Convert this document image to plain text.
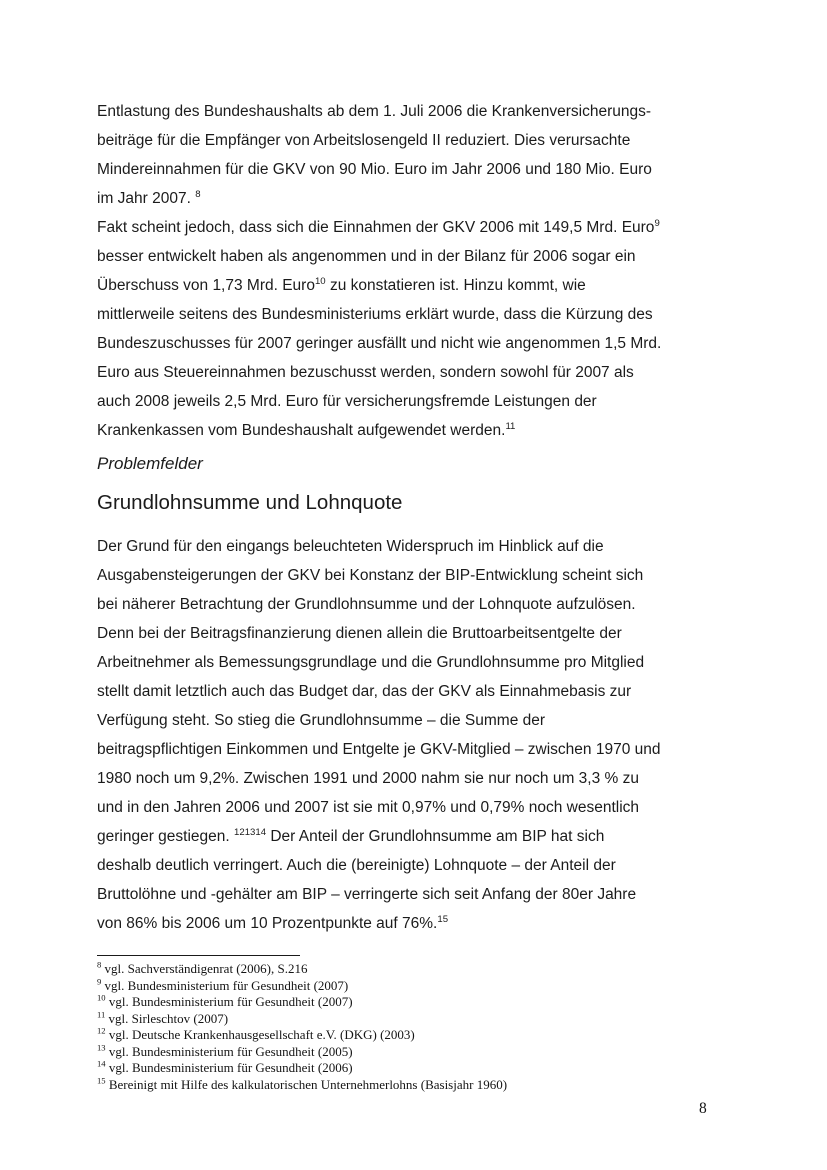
Entlastung des Bundeshaushalts ab dem 1. Juli 2006 die Krankenversicherungs-
beiträge für die Empfänger von Arbeitslosengeld II reduziert. Dies verursachte
Mindereinnahmen für die GKV von 90 Mio. Euro im Jahr 2006 und 180 Mio. Euro
im Jahr 2007. $^8$
Fakt scheint jedoch, dass sich die Einnahmen der GKV 2006 mit 149,5 Mrd. Euro$^9$
besser entwickelt haben als angenommen und in der Bilanz für 2006 sogar ein
Überschuss von 1,73 Mrd. Euro$^{10}$ zu konstatieren ist. Hinzu kommt, wie
mittlerweile seitens des Bundesministeriums erklärt wurde, dass die Kürzung des
Bundeszuschusses für 2007 geringer ausfällt und nicht wie angenommen 1,5 Mrd.
Euro aus Steuereinnahmen bezuschusst werden, sondern sowohl für 2007 als
auch 2008 jeweils 2,5 Mrd. Euro für versicherungsfremde Leistungen der
Krankenkassen vom Bundeshaushalt aufgewendet werden.$^{11}$
Problemfelder
Grundlohnsumme und Lohnquote
Der Grund für den eingangs beleuchteten Widerspruch im Hinblick auf die
Ausgabensteigerungen der GKV bei Konstanz der BIP-Entwicklung scheint sich
bei näherer Betrachtung der Grundlohnsumme und der Lohnquote aufzulösen.
Denn bei der Beitragsfinanzierung dienen allein die Bruttoarbeitsentgelte der
Arbeitnehmer als Bemessungsgrundlage und die Grundlohnsumme pro Mitglied
stellt damit letztlich auch das Budget dar, das der GKV als Einnahmebasis zur
Verfügung steht. So stieg die Grundlohnsumme – die Summe der
beitragspflichtigen Einkommen und Entgelte je GKV-Mitglied – zwischen 1970 und
1980 noch um 9,2%. Zwischen 1991 und 2000 nahm sie nur noch um 3,3 % zu
und in den Jahren 2006 und 2007 ist sie mit 0,97% und 0,79% noch wesentlich
geringer gestiegen. $^{121314}$ Der Anteil der Grundlohnsumme am BIP hat sich
deshalb deutlich verringert. Auch die (bereinigte) Lohnquote – der Anteil der
Bruttolöhne und -gehälter am BIP – verringerte sich seit Anfang der 80er Jahre
von 86% bis 2006 um 10 Prozentpunkte auf 76%.$^{15}$
$^8$ vgl. Sachverständigenrat (2006), S.216
$^9$ vgl. Bundesministerium für Gesundheit (2007)
$^{10}$ vgl. Bundesministerium für Gesundheit (2007)
$^{11}$ vgl. Sirleschtov (2007)
$^{12}$ vgl. Deutsche Krankenhausgesellschaft e.V. (DKG) (2003)
$^{13}$ vgl. Bundesministerium für Gesundheit (2005)
$^{14}$ vgl. Bundesministerium für Gesundheit (2006)
$^{15}$ Bereinigt mit Hilfe des kalkulatorischen Unternehmerlohns (Basisjahr 1960)
8
